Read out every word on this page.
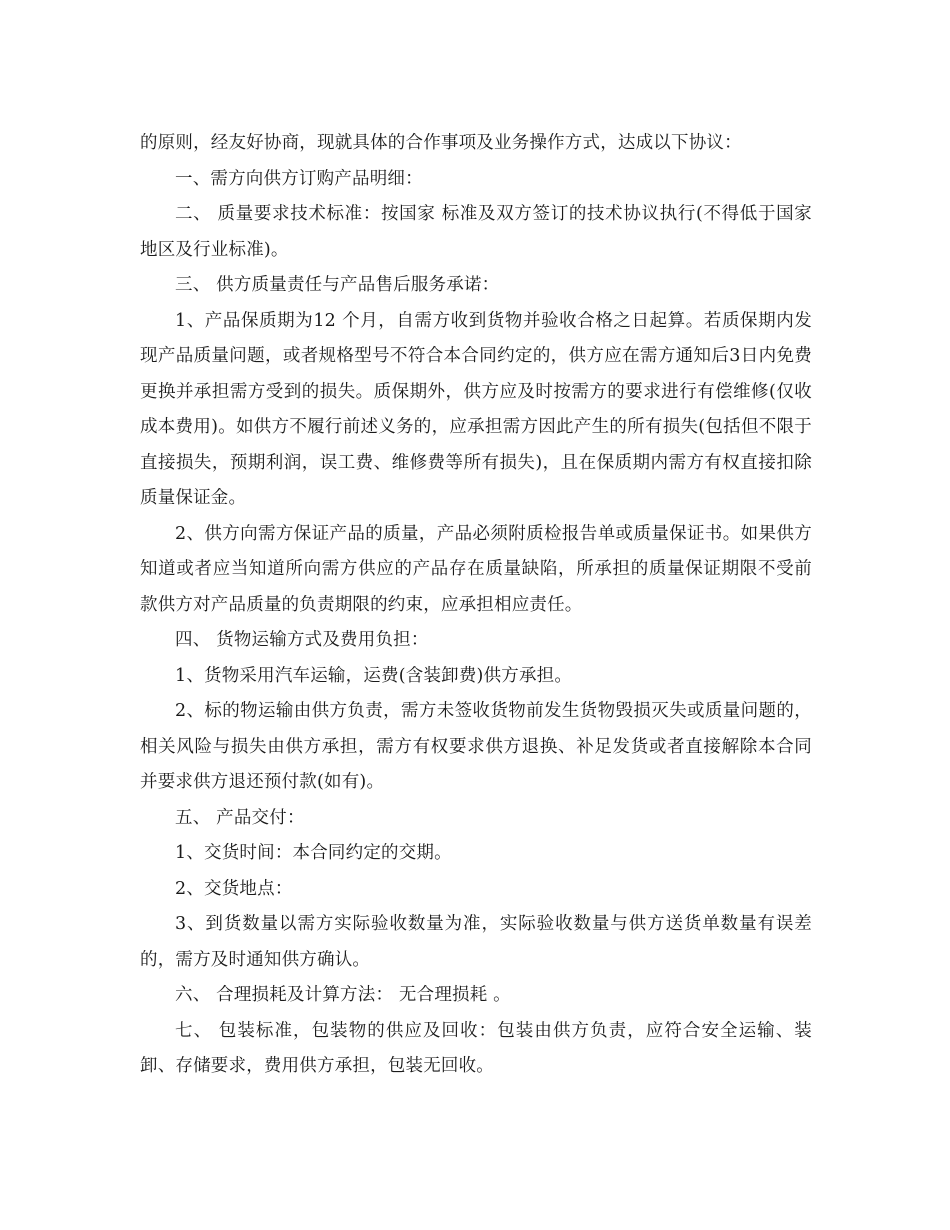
的原则，经友好协商，现就具体的合作事项及业务操作方式，达成以下协议：

一、需方向供方订购产品明细：

二、 质量要求技术标准：按国家 标准及双方签订的技术协议执行(不得低于国家地区及行业标准)。

三、 供方质量责任与产品售后服务承诺：

1、产品保质期为12 个月，自需方收到货物并验收合格之日起算。若质保期内发现产品质量问题，或者规格型号不符合本合同约定的，供方应在需方通知后3日内免费更换并承担需方受到的损失。质保期外，供方应及时按需方的要求进行有偿维修(仅收成本费用)。如供方不履行前述义务的，应承担需方因此产生的所有损失(包括但不限于直接损失，预期利润，误工费、维修费等所有损失)，且在保质期内需方有权直接扣除质量保证金。

2、供方向需方保证产品的质量，产品必须附质检报告单或质量保证书。如果供方知道或者应当知道所向需方供应的产品存在质量缺陷，所承担的质量保证期限不受前款供方对产品质量的负责期限的约束，应承担相应责任。

四、 货物运输方式及费用负担：

1、货物采用汽车运输，运费(含装卸费)供方承担。

2、标的物运输由供方负责，需方未签收货物前发生货物毁损灭失或质量问题的，相关风险与损失由供方承担，需方有权要求供方退换、补足发货或者直接解除本合同并要求供方退还预付款(如有)。

五、 产品交付：

1、交货时间：本合同约定的交期。

2、交货地点：

3、到货数量以需方实际验收数量为准，实际验收数量与供方送货单数量有误差的，需方及时通知供方确认。

六、 合理损耗及计算方法： 无合理损耗 。

七、 包装标准，包装物的供应及回收：包装由供方负责，应符合安全运输、装卸、存储要求，费用供方承担，包装无回收。
